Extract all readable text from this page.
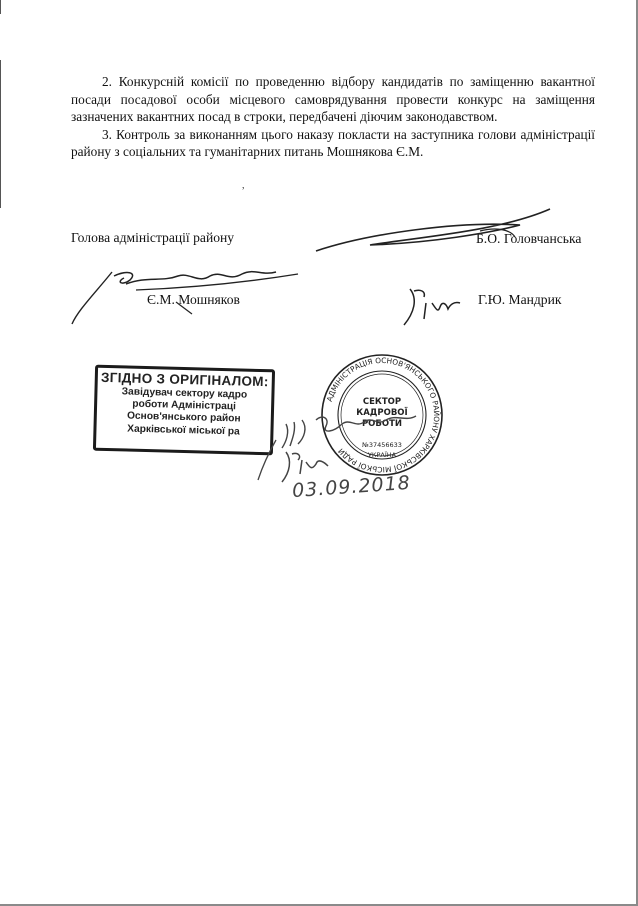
2. Конкурсній комісії по проведенню відбору кандидатів по заміщенню вакантної посади посадової особи місцевого самоврядування провести конкурс на заміщення зазначених вакантних посад в строки, передбачені діючим законодавством.

3. Контроль за виконанням цього наказу покласти на заступника голови адміністрації району з соціальних та гуманітарних питань Мошнякова Є.М.

,
Голова адміністрації району	Б.О. Головчанська
Є.М. Мошняков	Г.Ю. Мандрик
ЗГІДНО З ОРИГІНАЛОМ:
Завідувач сектору кадро
роботи Адміністраці
Основ'янського район
Харківської міської ра
АДМІНІСТРАЦІЯ ОСНОВ'ЯНСЬКОГО РАЙОНУ ХАРКІВСЬКОЇ МІСЬКОЇ РАДИ
СЕКТОР
КАДРОВОЇ
РОБОТИ
№37456633
УКРАЇНА
03.09.2018
